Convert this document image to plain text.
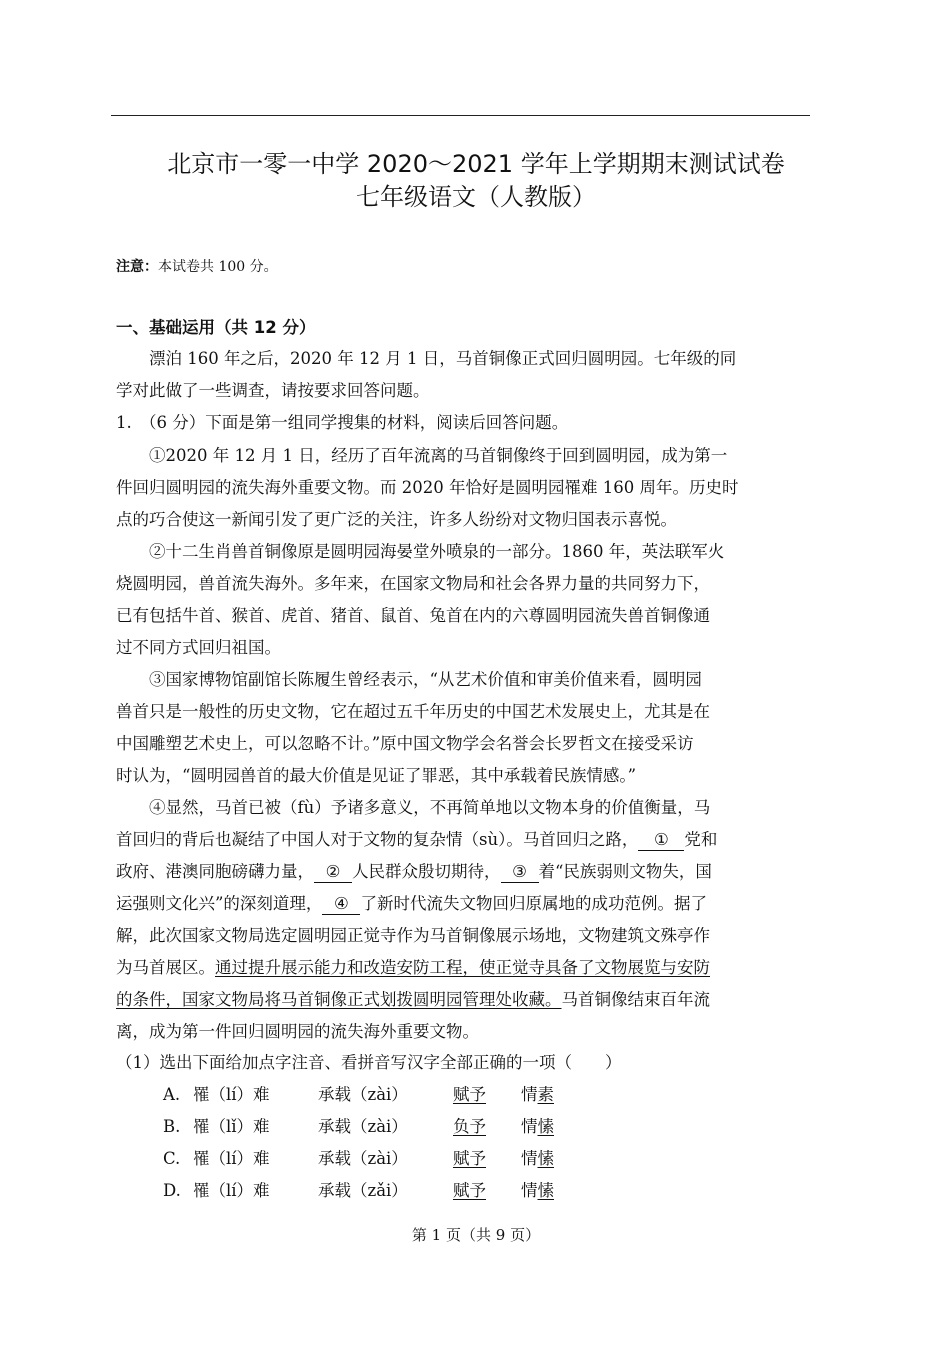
北京市一零一中学 2020～2021 学年上学期期末测试试卷
七年级语文（人教版）
注意：本试卷共 100 分。
一、基础运用（共 12 分）
漂泊 160 年之后，2020 年 12 月 1 日，马首铜像正式回归圆明园。七年级的同
学对此做了一些调查，请按要求回答问题。
1.　（6 分）下面是第一组同学搜集的材料，阅读后回答问题。
①2020 年 12 月 1 日，经历了百年流离的马首铜像终于回到圆明园，成为第一
件回归圆明园的流失海外重要文物。而 2020 年恰好是圆明园罹难 160 周年。历史时
点的巧合使这一新闻引发了更广泛的关注，许多人纷纷对文物归国表示喜悦。
②十二生肖兽首铜像原是圆明园海晏堂外喷泉的一部分。1860 年，英法联军火
烧圆明园，兽首流失海外。多年来，在国家文物局和社会各界力量的共同努力下，
已有包括牛首、猴首、虎首、猪首、鼠首、兔首在内的六尊圆明园流失兽首铜像通
过不同方式回归祖国。
③国家博物馆副馆长陈履生曾经表示，“从艺术价值和审美价值来看，圆明园
兽首只是一般性的历史文物，它在超过五千年历史的中国艺术发展史上，尤其是在
中国雕塑艺术史上，可以忽略不计。”原中国文物学会名誉会长罗哲文在接受采访
时认为，“圆明园兽首的最大价值是见证了罪恶，其中承载着民族情感。”
④显然，马首已被（fù）予诸多意义，不再简单地以文物本身的价值衡量，马
首回归的背后也凝结了中国人对于文物的复杂情（sù）。马首回归之路， ① 党和
政府、港澳同胞磅礴力量， ② 人民群众殷切期待， ③ 着“民族弱则文物失，国
运强则文化兴”的深刻道理， ④ 了新时代流失文物回归原属地的成功范例。据了
解，此次国家文物局选定圆明园正觉寺作为马首铜像展示场地，文物建筑文殊亭作
为马首展区。通过提升展示能力和改造安防工程，使正觉寺具备了文物展览与安防
的条件，国家文物局将马首铜像正式划拨圆明园管理处收藏。马首铜像结束百年流
离，成为第一件回归圆明园的流失海外重要文物。
（1）选出下面给加点字注音、看拼音写汉字全部正确的一项（　　）
A. 罹（lí）难	承载（zài）	赋予 情素
B. 罹（lǐ）难	承载（zài）	负予 情愫
C. 罹（lí）难	承载（zài）	赋予 情愫
D. 罹（lí）难	承载（zǎi）	赋予 情愫
第 1 页（共 9 页）
